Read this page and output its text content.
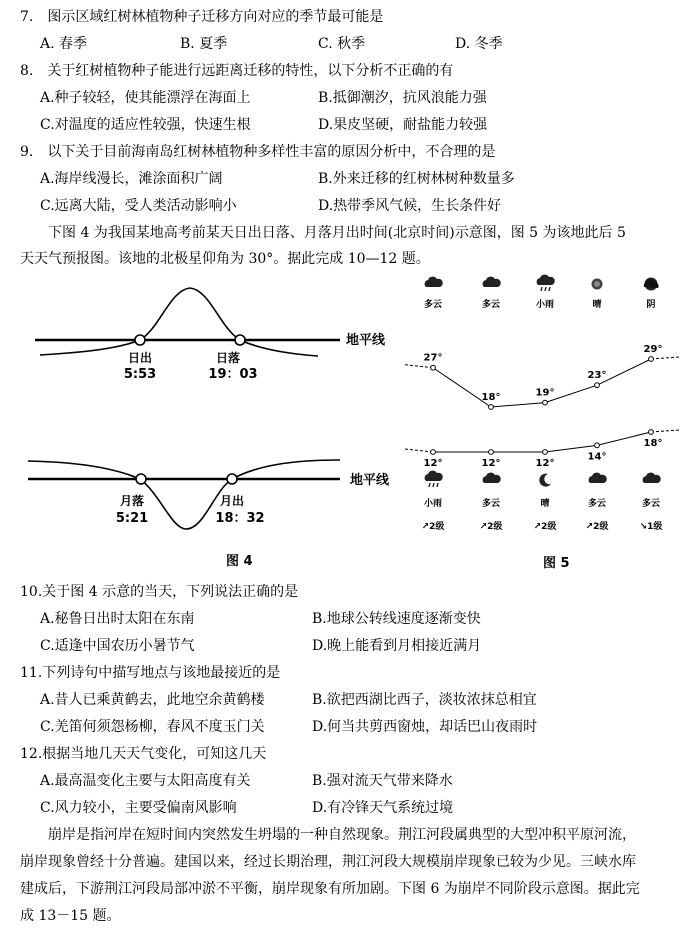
7.　图示区域红树林植物种子迁移方向对应的季节最可能是
A. 春季	B. 夏季	C. 秋季	D. 冬季
8.　关于红树植物种子能进行远距离迁移的特性，以下分析不正确的有
A.种子较轻，使其能漂浮在海面上	B.抵御潮汐，抗风浪能力强
C.对温度的适应性较强，快速生根	D.果皮坚硬，耐盐能力较强
9.　以下关于目前海南岛红树林植物种多样性丰富的原因分析中，不合理的是
A.海岸线漫长，滩涂面积广阔	B.外来迁移的红树林树种数量多
C.远离大陆，受人类活动影响小	D.热带季风气候，生长条件好
下图 4 为我国某地高考前某天日出日落、月落月出时间(北京时间)示意图，图 5 为该地此后 5
天天气预报图。该地的北极星仰角为 30°。据此完成 10—12 题。
地平线
日出
5:53
日落
19：03
地平线
月落
5:21
月出
18：32
图 4
多云	多云	小雨	晴	阴
27°
18°	19°
23°
29°
12°	12°	12°
14°
18°
小雨
↗2级
多云
↗2级
晴
↗2级
多云
↗2级
多云
↘1级
图 5
10.关于图 4 示意的当天，下列说法正确的是
A.秘鲁日出时太阳在东南	B.地球公转线速度逐渐变快
C.适逢中国农历小暑节气	D.晚上能看到月相接近满月
11.下列诗句中描写地点与该地最接近的是
A.昔人已乘黄鹤去，此地空余黄鹤楼	B.欲把西湖比西子，淡妆浓抹总相宜
C.羌笛何须怨杨柳，春风不度玉门关	D.何当共剪西窗烛，却话巴山夜雨时
12.根据当地几天天气变化，可知这几天
A.最高温变化主要与太阳高度有关	B.强对流天气带来降水
C.风力较小，主要受偏南风影响	D.有冷锋天气系统过境
崩岸是指河岸在短时间内突然发生坍塌的一种自然现象。荆江河段属典型的大型冲积平原河流，
崩岸现象曾经十分普遍。建国以来，经过长期治理，荆江河段大规模崩岸现象已较为少见。三峡水库
建成后，下游荆江河段局部冲淤不平衡，崩岸现象有所加剧。下图 6 为崩岸不同阶段示意图。据此完
成 13－15 题。
